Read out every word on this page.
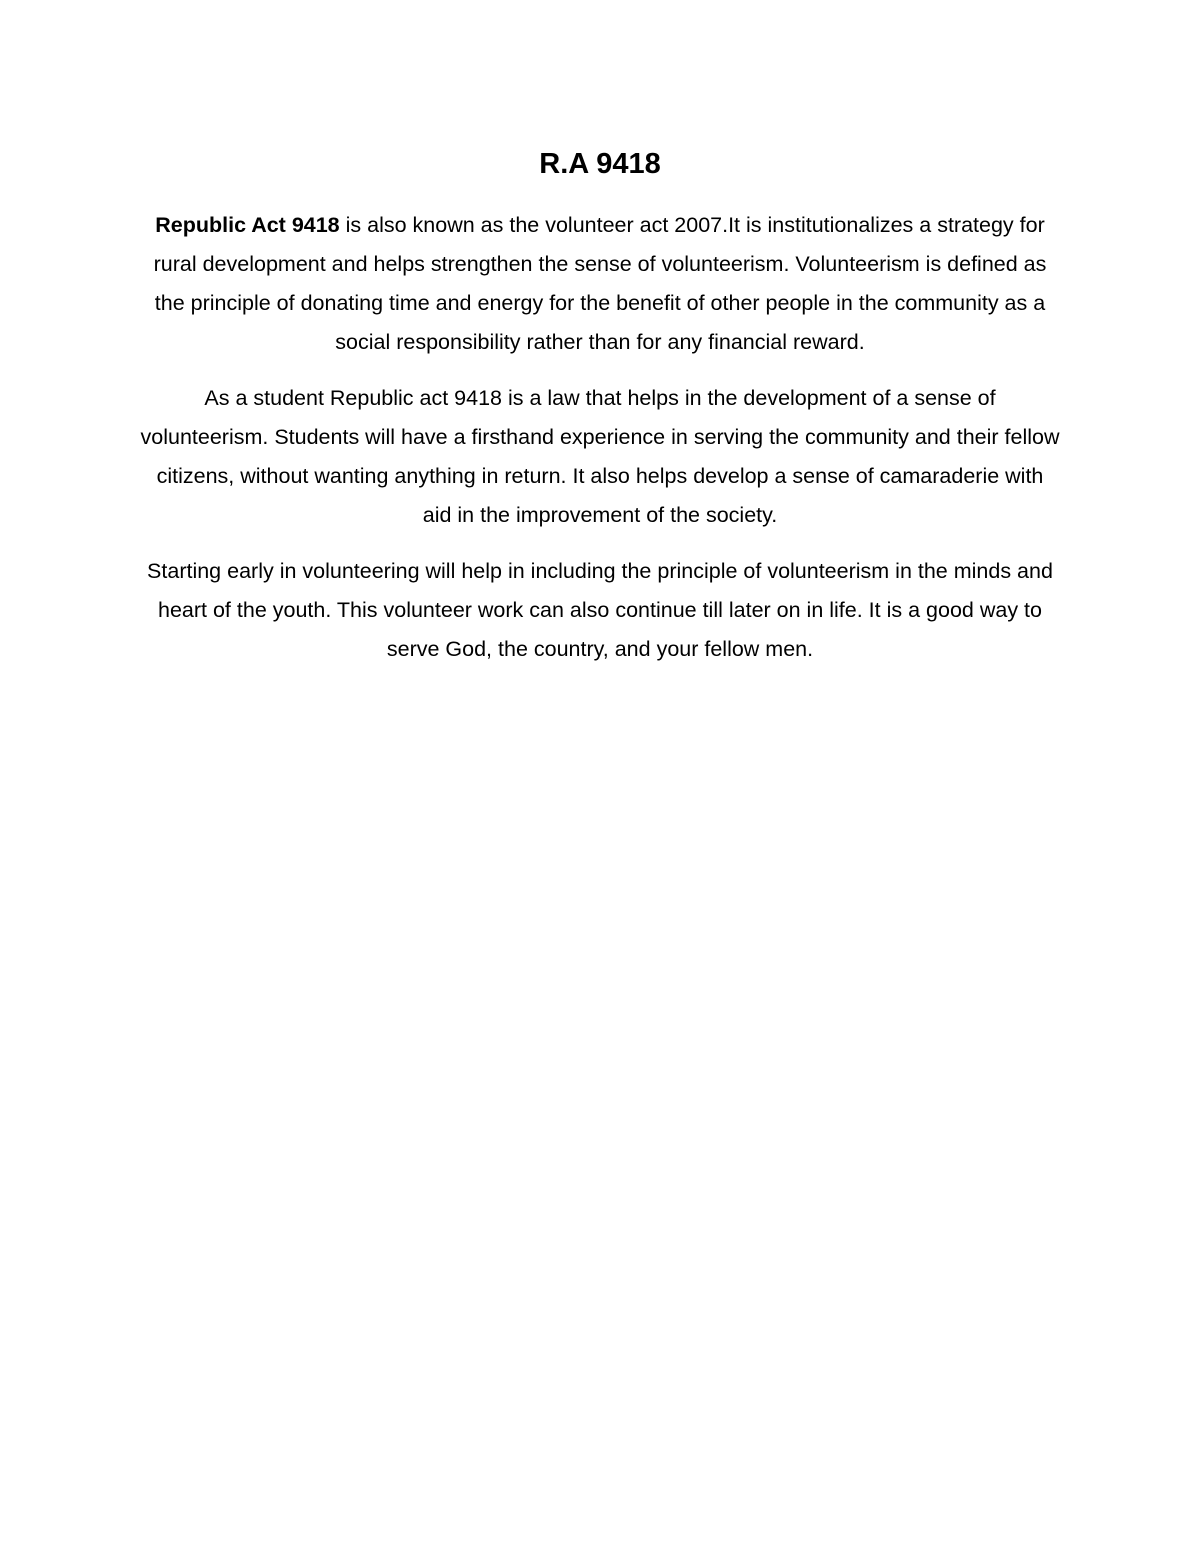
R.A 9418

Republic Act 9418 is also known as the volunteer act 2007.It is institutionalizes a strategy for rural development and helps strengthen the sense of volunteerism. Volunteerism is defined as the principle of donating time and energy for the benefit of other people in the community as a social responsibility rather than for any financial reward.

As a student Republic act 9418 is a law that helps in the development of a sense of volunteerism. Students will have a firsthand experience in serving the community and their fellow citizens, without wanting anything in return. It also helps develop a sense of camaraderie with aid in the improvement of the society.

Starting early in volunteering will help in including the principle of volunteerism in the minds and heart of the youth. This volunteer work can also continue till later on in life. It is a good way to serve God, the country, and your fellow men.
